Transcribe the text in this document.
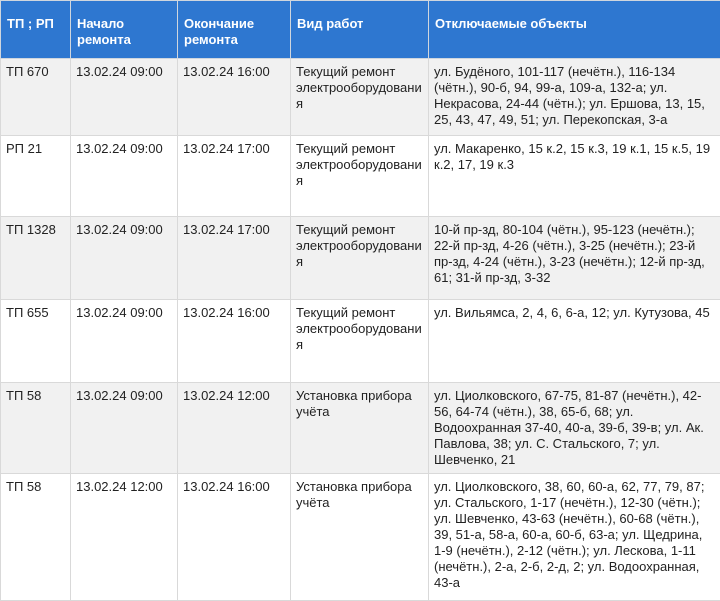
ТП ; РП	Начало ремонта	Окончание ремонта	Вид работ	Отключаемые объекты
ТП 670	13.02.24 09:00	13.02.24 16:00	Текущий ремонт электрооборудования	ул. Будёного, 101-117 (нечётн.), 116-134 (чётн.), 90-б, 94, 99-а, 109-а, 132-а; ул. Некрасова, 24-44 (чётн.); ул. Ершова, 13, 15, 25, 43, 47, 49, 51; ул. Перекопская, 3-а
РП 21	13.02.24 09:00	13.02.24 17:00	Текущий ремонт электрооборудования	ул. Макаренко, 15 к.2, 15 к.3, 19 к.1, 15 к.5, 19 к.2, 17, 19 к.3
ТП 1328	13.02.24 09:00	13.02.24 17:00	Текущий ремонт электрооборудования	10-й пр-зд, 80-104 (чётн.), 95-123 (нечётн.); 22-й пр-зд, 4-26 (чётн.), 3-25 (нечётн.); 23-й пр-зд, 4-24 (чётн.), 3-23 (нечётн.); 12-й пр-зд, 61; 31-й пр-зд, 3-32
ТП 655	13.02.24 09:00	13.02.24 16:00	Текущий ремонт электрооборудования	ул. Вильямса, 2, 4, 6, 6-а, 12; ул. Кутузова, 45
ТП 58	13.02.24 09:00	13.02.24 12:00	Установка прибора учёта	ул. Циолковского, 67-75, 81-87 (нечётн.), 42-56, 64-74 (чётн.), 38, 65-б, 68; ул. Водоохранная 37-40, 40-а, 39-б, 39-в; ул. Ак. Павлова, 38; ул. С. Стальского, 7; ул. Шевченко, 21
ТП 58	13.02.24 12:00	13.02.24 16:00	Установка прибора учёта	ул. Циолковского, 38, 60, 60-а, 62, 77, 79, 87; ул. Стальского, 1-17 (нечётн.), 12-30 (чётн.); ул. Шевченко, 43-63 (нечётн.), 60-68 (чётн.), 39, 51-а, 58-а, 60-а, 60-б, 63-а; ул. Щедрина, 1-9 (нечётн.), 2-12 (чётн.); ул. Лескова, 1-11 (нечётн.), 2-а, 2-б, 2-д, 2; ул. Водоохранная, 43-а
